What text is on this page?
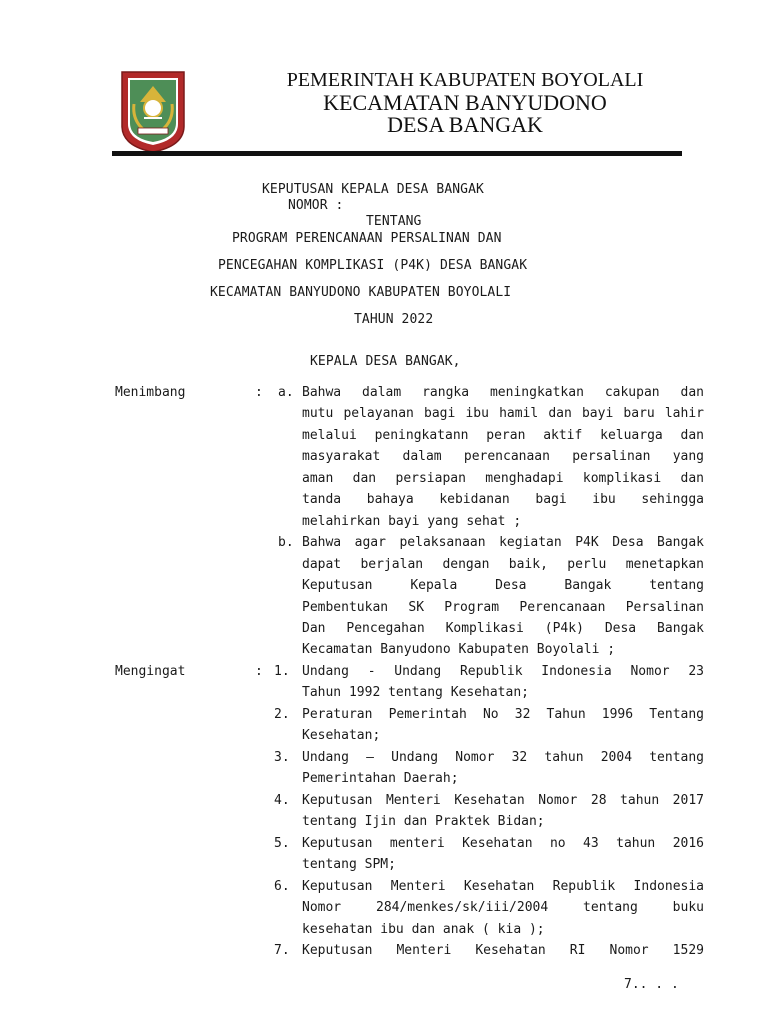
PEMERINTAH KABUPATEN BOYOLALI
KECAMATAN BANYUDONO
DESA BANGAK
KEPUTUSAN KEPALA DESA BANGAK
NOMOR :
TENTANG
PROGRAM PERENCANAAN PERSALINAN DAN
PENCEGAHAN KOMPLIKASI (P4K) DESA BANGAK
KECAMATAN BANYUDONO KABUPATEN BOYOLALI
TAHUN 2022
KEPALA DESA BANGAK,
Menimbang	: a. Bahwa dalam rangka meningkatkan cakupan dan
mutu pelayanan bagi ibu hamil dan bayi baru lahir
melalui peningkatann peran aktif keluarga dan
masyarakat dalam perencanaan persalinan yang
aman dan persiapan menghadapi komplikasi dan
tanda bahaya kebidanan bagi ibu sehingga
melahirkan bayi yang sehat ;
b. Bahwa agar pelaksanaan kegiatan P4K Desa Bangak
dapat berjalan dengan baik, perlu menetapkan
Keputusan Kepala Desa Bangak tentang
Pembentukan SK Program Perencanaan Persalinan
Dan Pencegahan Komplikasi (P4k) Desa Bangak
Kecamatan Banyudono Kabupaten Boyolali ;
Mengingat	: 1. Undang - Undang Republik Indonesia Nomor 23
Tahun 1992 tentang Kesehatan;
2. Peraturan Pemerintah No 32 Tahun 1996 Tentang
Kesehatan;
3. Undang – Undang Nomor 32 tahun 2004 tentang
Pemerintahan Daerah;
4. Keputusan Menteri Kesehatan Nomor 28 tahun 2017
tentang Ijin dan Praktek Bidan;
5. Keputusan menteri Kesehatan no 43 tahun 2016
tentang SPM;
6. Keputusan Menteri Kesehatan Republik Indonesia
Nomor 284/menkes/sk/iii/2004 tentang buku
kesehatan ibu dan anak ( kia );
7. Keputusan Menteri Kesehatan RI Nomor 1529
7.. . .
